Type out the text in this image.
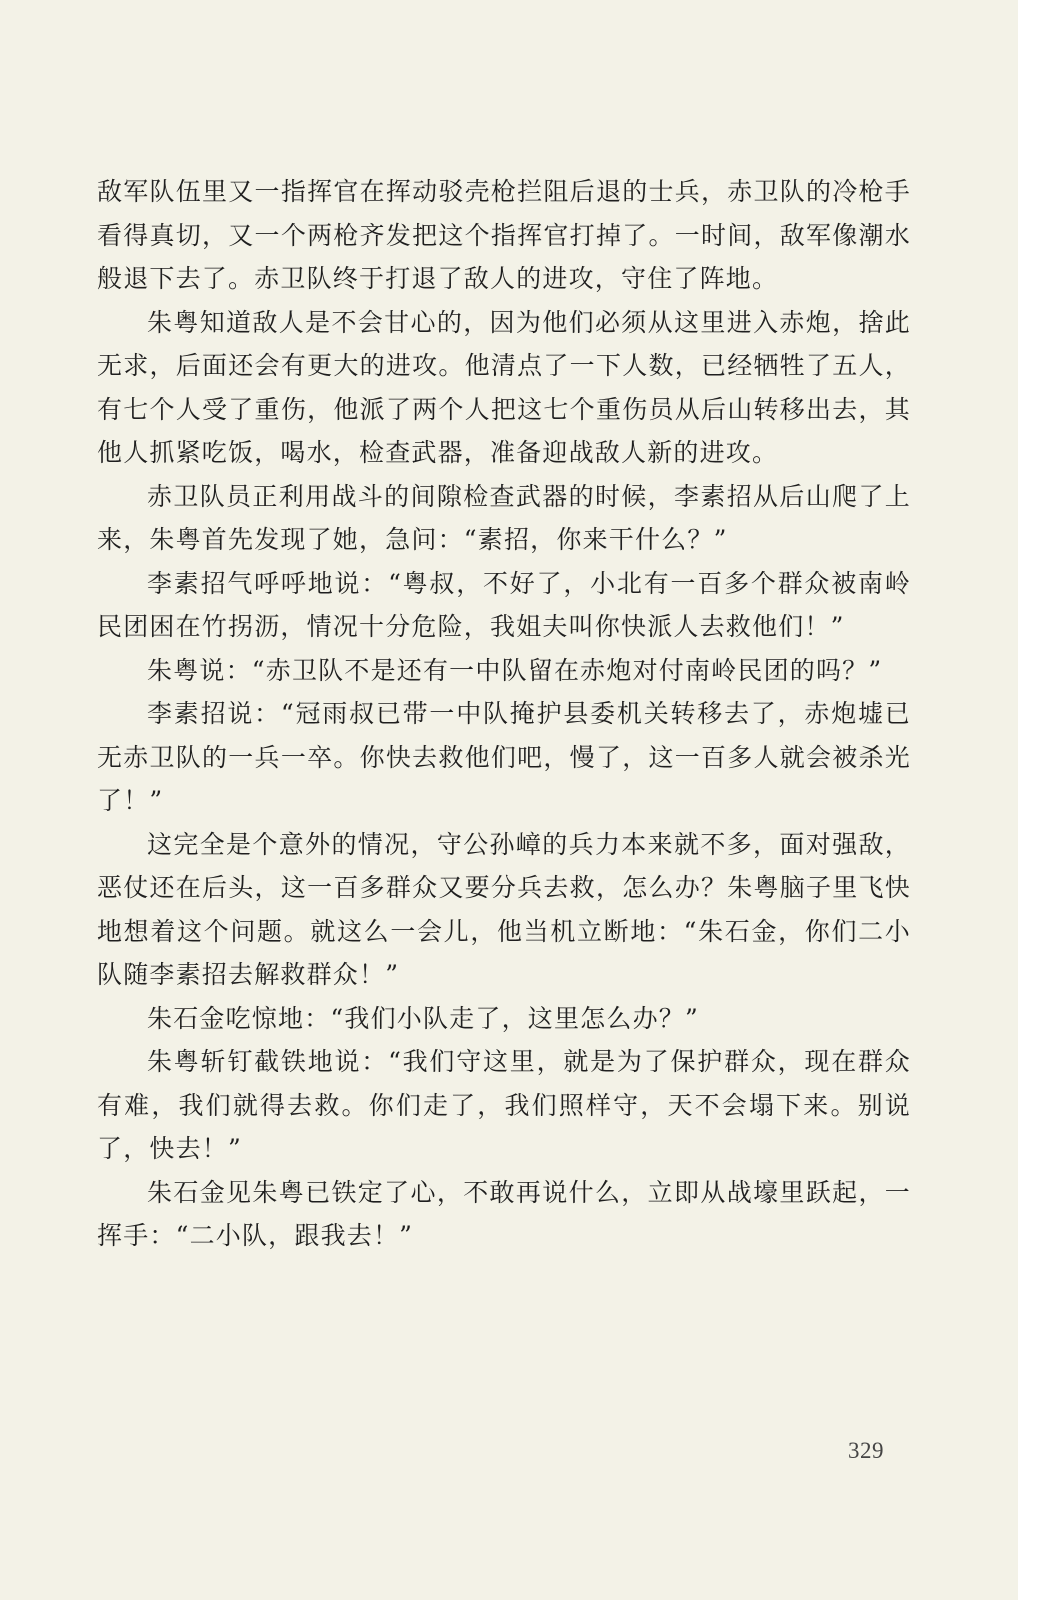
敌军队伍里又一指挥官在挥动驳壳枪拦阻后退的士兵，赤卫队的冷枪手看得真切，又一个两枪齐发把这个指挥官打掉了。一时间，敌军像潮水般退下去了。赤卫队终于打退了敌人的进攻，守住了阵地。

朱粤知道敌人是不会甘心的，因为他们必须从这里进入赤炮，捨此无求，后面还会有更大的进攻。他清点了一下人数，已经牺牲了五人，有七个人受了重伤，他派了两个人把这七个重伤员从后山转移出去，其他人抓紧吃饭，喝水，检查武器，准备迎战敌人新的进攻。

赤卫队员正利用战斗的间隙检查武器的时候，李素招从后山爬了上来，朱粤首先发现了她，急问：“素招，你来干什么？”

李素招气呼呼地说：“粤叔，不好了，小北有一百多个群众被南岭民团困在竹拐沥，情况十分危险，我姐夫叫你快派人去救他们！”

朱粤说：“赤卫队不是还有一中队留在赤炮对付南岭民团的吗？”

李素招说：“冠雨叔已带一中队掩护县委机关转移去了，赤炮墟已无赤卫队的一兵一卒。你快去救他们吧，慢了，这一百多人就会被杀光了！”

这完全是个意外的情况，守公孙嶂的兵力本来就不多，面对强敌，恶仗还在后头，这一百多群众又要分兵去救，怎么办？朱粤脑子里飞快地想着这个问题。就这么一会儿，他当机立断地：“朱石金，你们二小队随李素招去解救群众！”

朱石金吃惊地：“我们小队走了，这里怎么办？”

朱粤斩钉截铁地说：“我们守这里，就是为了保护群众，现在群众有难，我们就得去救。你们走了，我们照样守，天不会塌下来。别说了，快去！”

朱石金见朱粤已铁定了心，不敢再说什么，立即从战壕里跃起，一挥手：“二小队，跟我去！”

329
